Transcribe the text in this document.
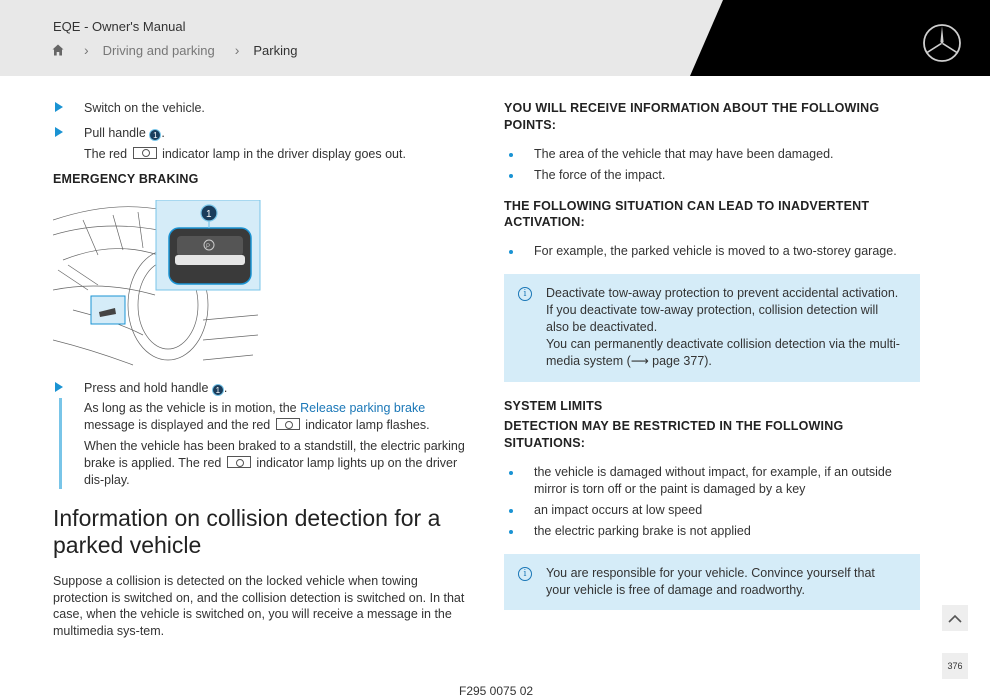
EQE - Owner's Manual
› Driving and parking › Parking
Switch on the vehicle.
Pull handle 1 .
The red	indicator lamp in the driver display goes out.
EMERGENCY BRAKING
P
1
Press and hold handle 1 .
As long as the vehicle is in motion, the Release parking brake message is displayed and the red	indicator lamp flashes.
When the vehicle has been braked to a standstill, the electric parking brake is applied. The red	indicator lamp lights up on the driver dis-play.
Information on collision detection for a parked vehicle

Suppose a collision is detected on the locked vehicle when towing protection is switched on, and the collision detection is switched on. In that case, when the vehicle is switched on, you will receive a message in the multimedia sys-tem.

YOU WILL RECEIVE INFORMATION ABOUT THE FOLLOWING POINTS:
The area of the vehicle that may have been damaged.
The force of the impact.
THE FOLLOWING SITUATION CAN LEAD TO INADVERTENT ACTIVATION:
For example, the parked vehicle is moved to a two-storey garage.
i	Deactivate tow-away protection to prevent accidental activation. If you deactivate tow-away protection, collision detection will also be deactivated.
You can permanently deactivate collision detection via the multi-media system (⟶ page 377).
SYSTEM LIMITS
DETECTION MAY BE RESTRICTED IN THE FOLLOWING SITUATIONS:
the vehicle is damaged without impact, for example, if an outside mirror is torn off or the paint is damaged by a key
an impact occurs at low speed
the electric parking brake is not applied
i	You are responsible for your vehicle. Convince yourself that your vehicle is free of damage and roadworthy.
376
F295 0075 02
